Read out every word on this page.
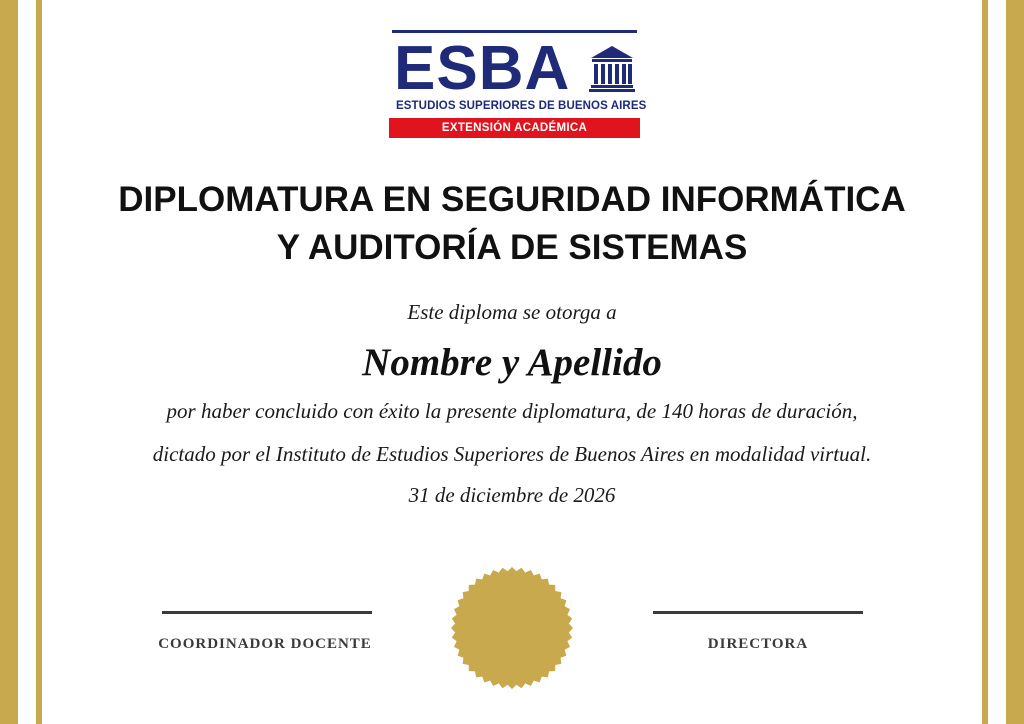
ESBA
ESTUDIOS SUPERIORES DE BUENOS AIRES
EXTENSIÓN ACADÉMICA
DIPLOMATURA EN SEGURIDAD INFORMÁTICA
Y AUDITORÍA DE SISTEMAS
Este diploma se otorga a
Nombre y Apellido
por haber concluido con éxito la presente diplomatura, de 140 horas de duración,
dictado por el Instituto de Estudios Superiores de Buenos Aires en modalidad virtual.
31 de diciembre de 2026
COORDINADOR DOCENTE	DIRECTORA
